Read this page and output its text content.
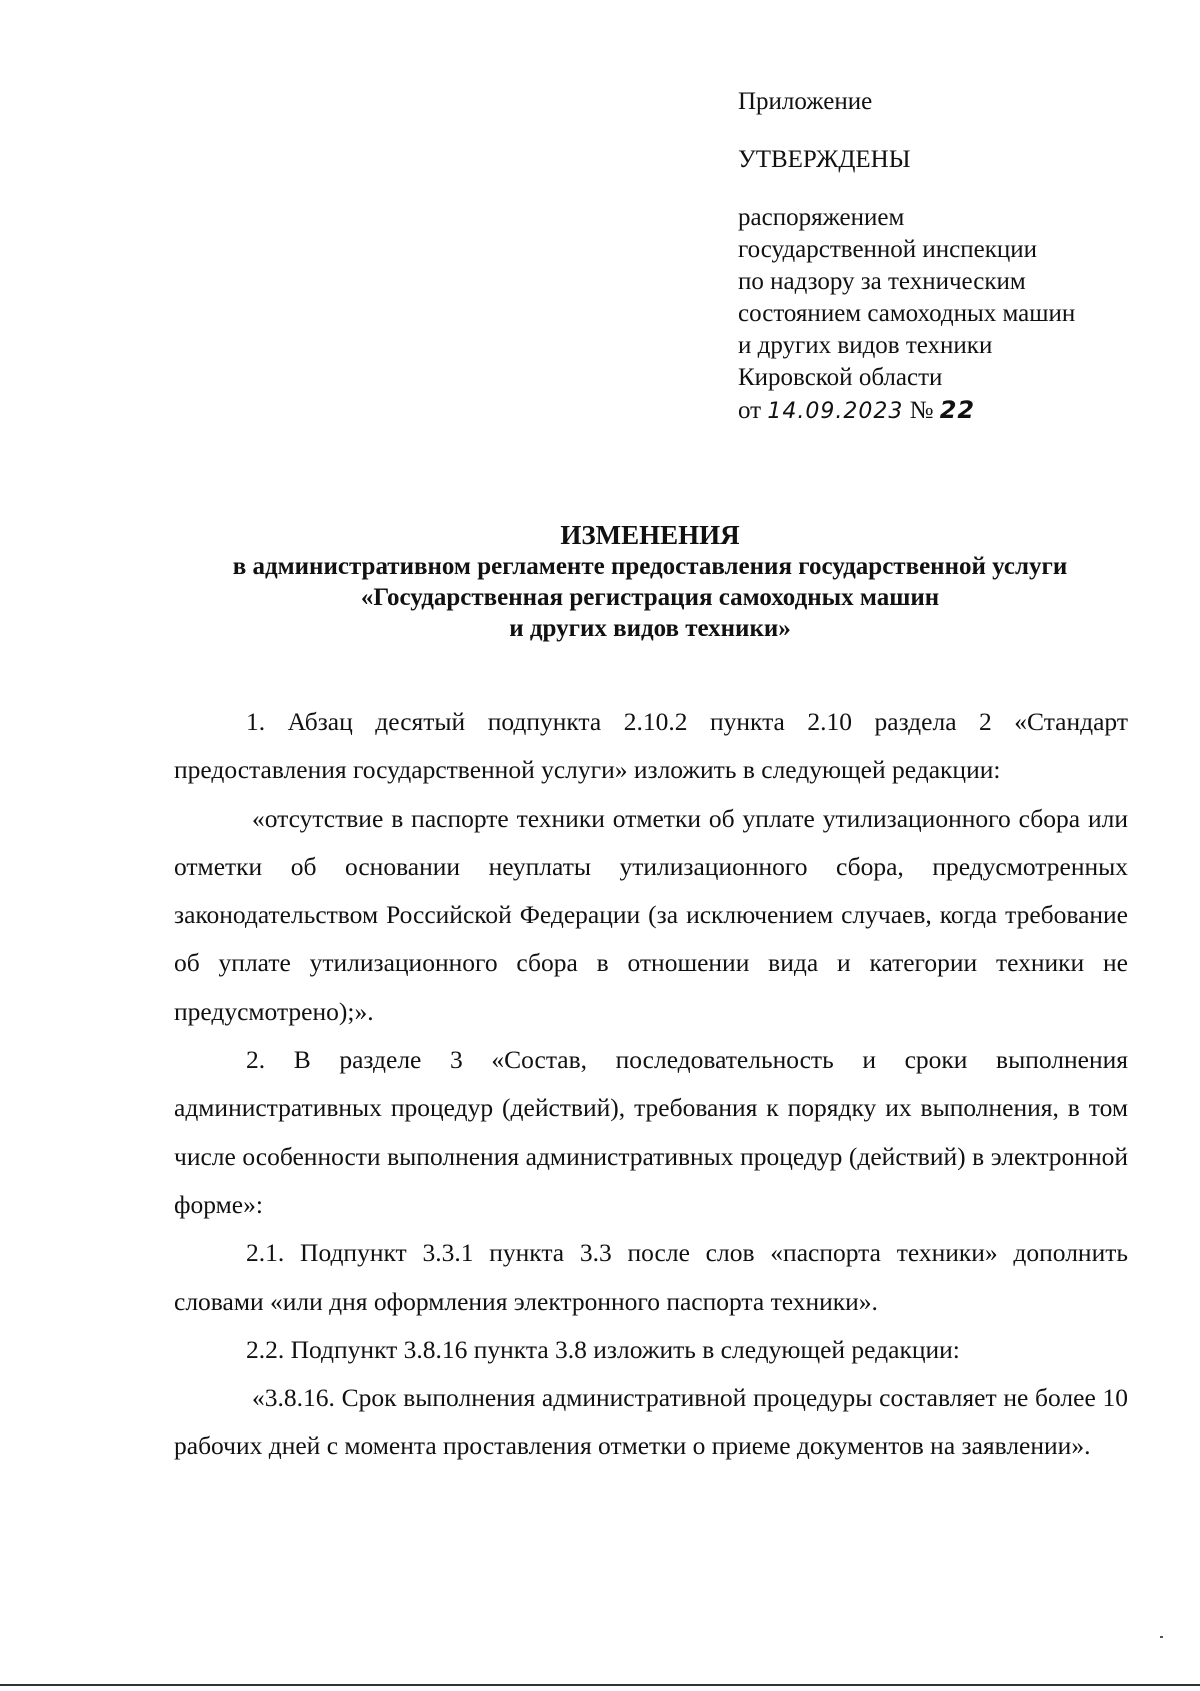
Приложение
УТВЕРЖДЕНЫ
распоряжением
государственной инспекции
по надзору за техническим
состоянием самоходных машин
и других видов техники
Кировской области
от 14.09.2023 № 22
ИЗМЕНЕНИЯ
в административном регламенте предоставления государственной услуги
«Государственная регистрация самоходных машин
и других видов техники»

1. Абзац десятый подпункта 2.10.2 пункта 2.10 раздела 2 «Стандарт предоставления государственной услуги» изложить в следующей редакции:

«отсутствие в паспорте техники отметки об уплате утилизационного сбора или отметки об основании неуплаты утилизационного сбора, предусмотренных законодательством Российской Федерации (за исключением случаев, когда требование об уплате утилизационного сбора в отношении вида и категории техники не предусмотрено);».

2. В разделе 3 «Состав, последовательность и сроки выполнения административных процедур (действий), требования к порядку их выполнения, в том числе особенности выполнения административных процедур (действий) в электронной форме»:

2.1. Подпункт 3.3.1 пункта 3.3 после слов «паспорта техники» дополнить словами «или дня оформления электронного паспорта техники».

2.2. Подпункт 3.8.16 пункта 3.8 изложить в следующей редакции:

«3.8.16. Срок выполнения административной процедуры составляет не более 10 рабочих дней с момента проставления отметки о приеме документов на заявлении».
